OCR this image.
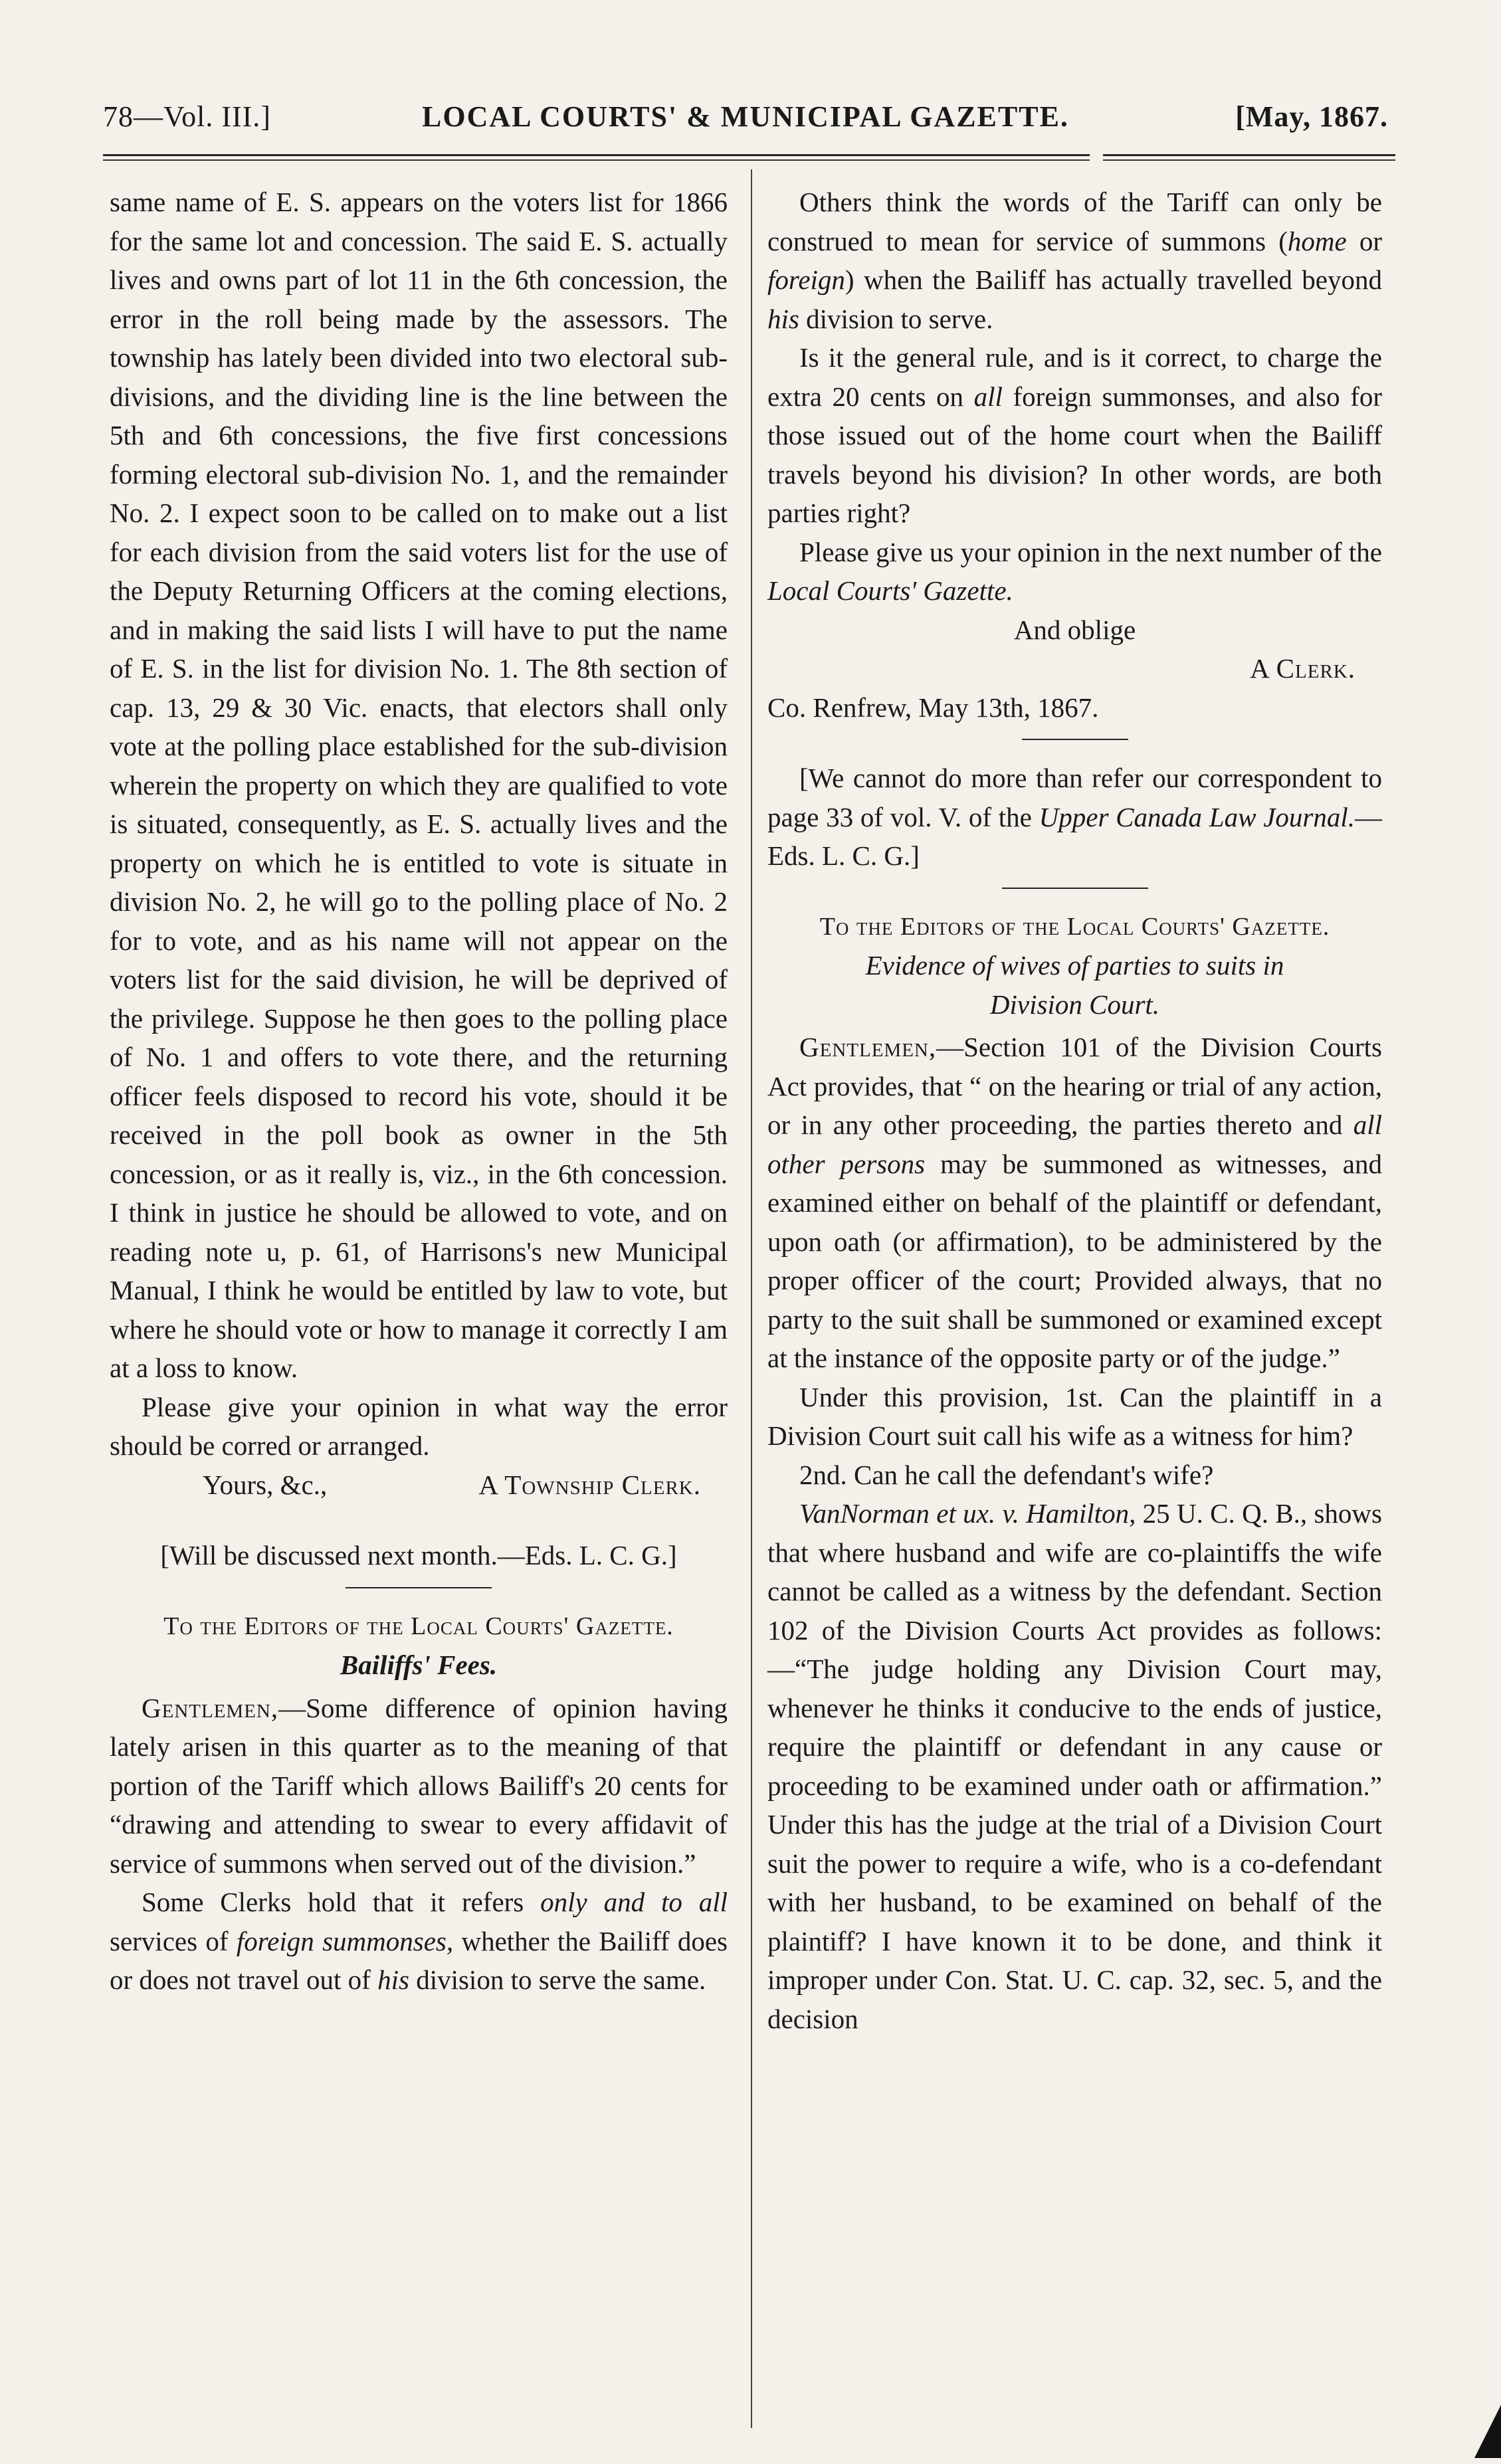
78—Vol. III.]	LOCAL COURTS' & MUNICIPAL GAZETTE.	[May, 1867.

same name of E. S. appears on the voters list for 1866 for the same lot and concession. The said E. S. actually lives and owns part of lot 11 in the 6th concession, the error in the roll being made by the assessors. The township has lately been divided into two electoral sub-divisions, and the dividing line is the line between the 5th and 6th concessions, the five first concessions forming electoral sub-division No. 1, and the remainder No. 2. I expect soon to be called on to make out a list for each division from the said voters list for the use of the Deputy Returning Officers at the coming elections, and in making the said lists I will have to put the name of E. S. in the list for division No. 1. The 8th section of cap. 13, 29 & 30 Vic. enacts, that electors shall only vote at the polling place established for the sub-division wherein the property on which they are qualified to vote is situated, consequently, as E. S. actually lives and the property on which he is entitled to vote is situate in division No. 2, he will go to the polling place of No. 2 for to vote, and as his name will not appear on the voters list for the said division, he will be deprived of the privilege. Suppose he then goes to the polling place of No. 1 and offers to vote there, and the returning officer feels disposed to record his vote, should it be received in the poll book as owner in the 5th concession, or as it really is, viz., in the 6th concession. I think in justice he should be allowed to vote, and on reading note u, p. 61, of Harrisons's new Municipal Manual, I think he would be entitled by law to vote, but where he should vote or how to manage it correctly I am at a loss to know.

Please give your opinion in what way the error should be corred or arranged.

Yours, &c.,	A Township Clerk.

[Will be discussed next month.—Eds. L. C. G.]

To the Editors of the Local Courts' Gazette.
Bailiffs' Fees.

Gentlemen,—Some difference of opinion having lately arisen in this quarter as to the meaning of that portion of the Tariff which allows Bailiff's 20 cents for “drawing and attending to swear to every affidavit of service of summons when served out of the division.”

Some Clerks hold that it refers only and to all services of foreign summonses, whether the Bailiff does or does not travel out of his division to serve the same.

Others think the words of the Tariff can only be construed to mean for service of summons (home or foreign) when the Bailiff has actually travelled beyond his division to serve.

Is it the general rule, and is it correct, to charge the extra 20 cents on all foreign summonses, and also for those issued out of the home court when the Bailiff travels beyond his division? In other words, are both parties right?

Please give us your opinion in the next number of the Local Courts' Gazette.

And oblige

A Clerk.

Co. Renfrew, May 13th, 1867.

[We cannot do more than refer our correspondent to page 33 of vol. V. of the Upper Canada Law Journal.—Eds. L. C. G.]

To the Editors of the Local Courts' Gazette.
Evidence of wives of parties to suits in
Division Court.

Gentlemen,—Section 101 of the Division Courts Act provides, that “ on the hearing or trial of any action, or in any other proceeding, the parties thereto and all other persons may be summoned as witnesses, and examined either on behalf of the plaintiff or defendant, upon oath (or affirmation), to be administered by the proper officer of the court; Provided always, that no party to the suit shall be summoned or examined except at the instance of the opposite party or of the judge.”

Under this provision, 1st. Can the plaintiff in a Division Court suit call his wife as a witness for him?

2nd. Can he call the defendant's wife?

VanNorman et ux. v. Hamilton, 25 U. C. Q. B., shows that where husband and wife are co-plaintiffs the wife cannot be called as a witness by the defendant. Section 102 of the Division Courts Act provides as follows:—“The judge holding any Division Court may, whenever he thinks it conducive to the ends of justice, require the plaintiff or defendant in any cause or proceeding to be examined under oath or affirmation.” Under this has the judge at the trial of a Division Court suit the power to require a wife, who is a co-defendant with her husband, to be examined on behalf of the plaintiff? I have known it to be done, and think it improper under Con. Stat. U. C. cap. 32, sec. 5, and the decision
